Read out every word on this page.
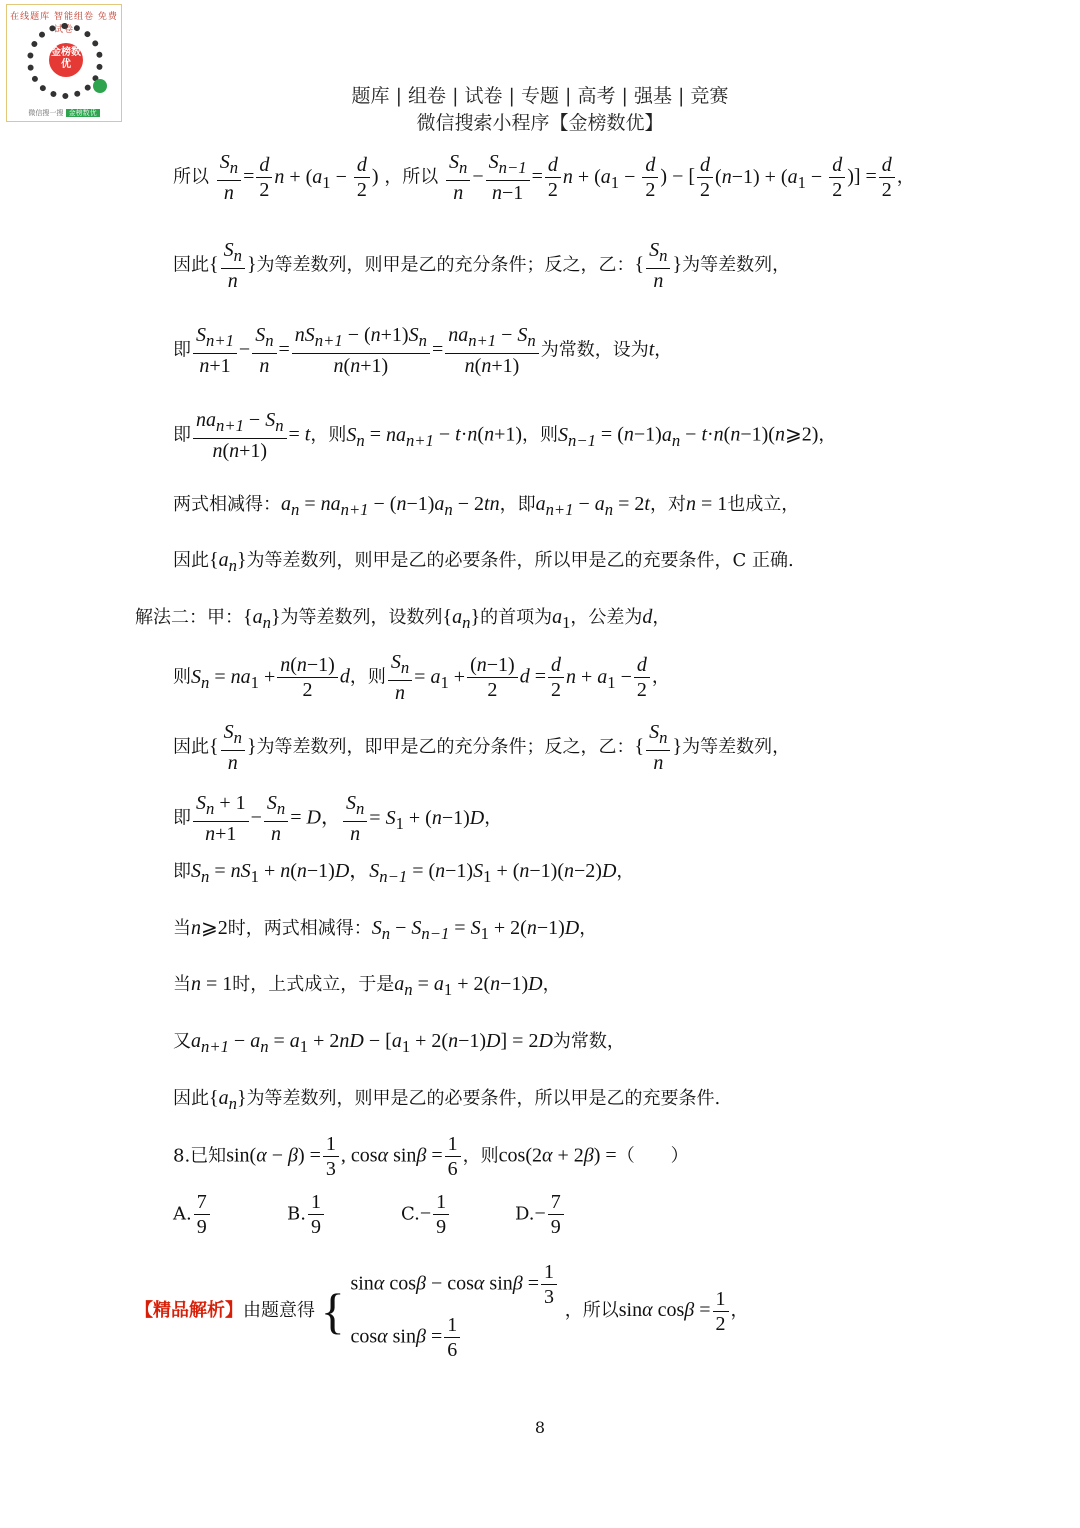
在线题库 智能组卷 免费试卷
金榜数优
微信搜一搜 金榜数优
题库 | 组卷 | 试卷 | 专题 | 高考 | 强基 | 竞赛
微信搜索小程序【金榜数优】
所以 $\frac{S_n}{n} = \frac{d}{2}$ $n + (a_1 - \frac{d}{2}$ ) ，所以 $\frac{S_n}{n} - \frac{S_{n-1}}{n-1} = \frac{d}{2}$ $n + (a_1 - \frac{d}{2}$ ) − [ $\frac{d}{2} (n-1) + (a_1 - \frac{d}{2}$ )] = $\frac{d}{2}$ ，
因此{ $\frac{S_n}{n}$ }为等差数列，则甲是乙的充分条件；反之，乙：{ $\frac{S_n}{n}$ }为等差数列，
即 $\frac{S_{n+1}}{n+1} - \frac{S_n}{n} = \frac{nS_{n+1} - (n+1)S_n}{n(n+1)} = \frac{na_{n+1} - S_n}{n(n+1)}$ 为常数，设为t，
即 $\frac{na_{n+1} - S_n}{n(n+1)} = t$，则$S_n = na_{n+1} - t\cdot n(n+1)$，则$S_{n-1} = (n-1)a_n$ − t·n(n−1)(n⩾2)，
两式相减得：$a_n = na_{n+1} - (n-1)a_n - 2tn$，即$a_{n+1} - a_n = 2t$，对n = 1也成立，
因此$\{a_n\}$为等差数列，则甲是乙的必要条件，所以甲是乙的充要条件，C 正确.
解法二：甲：$\{a_n\}$为等差数列，设数列$\{a_n\}$的首项为$a_1$，公差为d，
则$S_n = na_1 + \frac{n(n-1)}{2}$ d，则 $\frac{S_n}{n} = a_1 + \frac{(n-1)}{2}$ $d = \frac{d}{2}$ $n + a_1 - \frac{d}{2}$ ，
因此{ $\frac{S_n}{n}$ }为等差数列，即甲是乙的充分条件；反之，乙：{ $\frac{S_n}{n}$ }为等差数列，
即 $\frac{S_n + 1}{n+1} - \frac{S_n}{n} = D$， $\frac{S_n}{n} = S_1 + (n-1)D$，
即$S_n = nS_1 + n(n-1)D$，$S_{n-1} = (n-1)S_1 + (n-1)(n-2)D$，
当n⩾2时，两式相减得：$S_n - S_{n-1} = S_1 + 2(n-1)D$，
当n = 1时，上式成立，于是$a_n = a_1 + 2(n-1)D$，
又$a_{n+1} - a_n = a_1 + 2nD - [a_1 + 2(n-1)D] = 2D$为常数，
因此$\{a_n\}$为等差数列，则甲是乙的必要条件，所以甲是乙的充要条件.
8.已知$\sin(\alpha - \beta) = \frac{1}{3}$ , cosα $\sin\beta = \frac{1}{6}$ ，则cos(2α + 2β) =（　　）
A. $\frac{7}{9}$	B. $\frac{1}{9}$	$C.- \frac{1}{9}$	$D.- \frac{7}{9}$
【精品解析】由题意得 { sinα cosβ − cosα $\sin\beta = \frac{1}{3}$
cosα $\sin\beta = \frac{1}{6}$
，所以sinα $\cos\beta = \frac{1}{2}$ ，
8
